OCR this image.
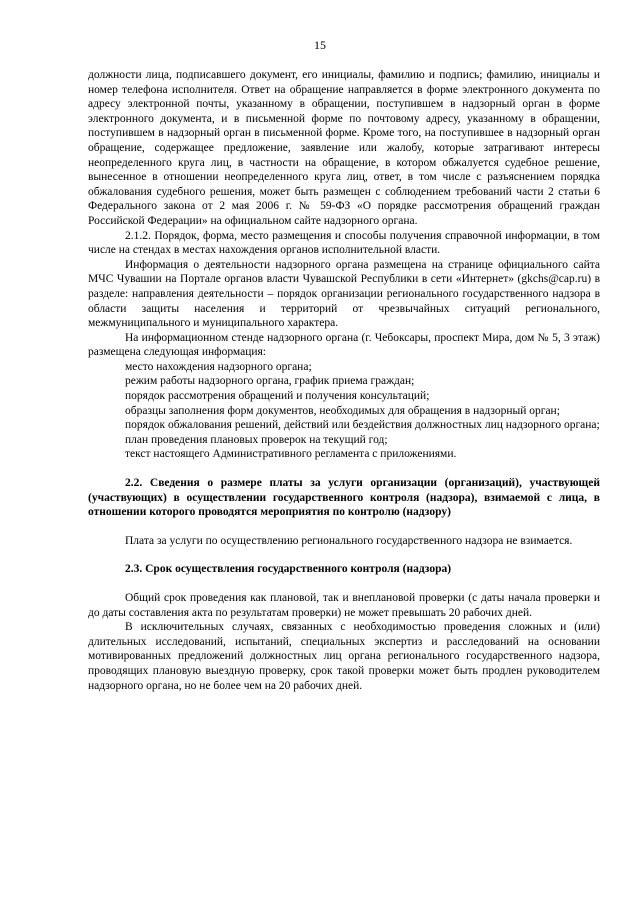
15

должности лица, подписавшего документ, его инициалы, фамилию и подпись; фамилию, инициалы и номер телефона исполнителя. Ответ на обращение направляется в форме электронного документа по адресу электронной почты, указанному в обращении, поступившем в надзорный орган в форме электронного документа, и в письменной форме по почтовому адресу, указанному в обращении, поступившем в надзорный орган в письменной форме. Кроме того, на поступившее в надзорный орган обращение, содержащее предложение, заявление или жалобу, которые затрагивают интересы неопределенного круга лиц, в частности на обращение, в котором обжалуется судебное решение, вынесенное в отношении неопределенного круга лиц, ответ, в том числе с разъяснением порядка обжалования судебного решения, может быть размещен с соблюдением требований части 2 статьи 6 Федерального закона от 2 мая 2006 г. № 59-ФЗ «О порядке рассмотрения обращений граждан Российской Федерации» на официальном сайте надзорного органа.

2.1.2. Порядок, форма, место размещения и способы получения справочной информации, в том числе на стендах в местах нахождения органов исполнительной власти.

Информация о деятельности надзорного органа размещена на странице официального сайта МЧС Чувашии на Портале органов власти Чувашской Республики в сети «Интернет» (gkchs@cap.ru) в разделе: направления деятельности – порядок организации регионального государственного надзора в области защиты населения и территорий от чрезвычайных ситуаций регионального, межмуниципального и муниципального характера.

На информационном стенде надзорного органа (г. Чебоксары, проспект Мира, дом № 5, 3 этаж) размещена следующая информация:

место нахождения надзорного органа;

режим работы надзорного органа, график приема граждан;

порядок рассмотрения обращений и получения консультаций;

образцы заполнения форм документов, необходимых для обращения в надзорный орган;

порядок обжалования решений, действий или бездействия должностных лиц надзорного органа;

план проведения плановых проверок на текущий год;

текст настоящего Административного регламента с приложениями.

2.2. Сведения о размере платы за услуги организации (организаций), участвующей (участвующих) в осуществлении государственного контроля (надзора), взимаемой с лица, в отношении которого проводятся мероприятия по контролю (надзору)

Плата за услуги по осуществлению регионального государственного надзора не взимается.

2.3. Срок осуществления государственного контроля (надзора)

Общий срок проведения как плановой, так и внеплановой проверки (с даты начала проверки и до даты составления акта по результатам проверки) не может превышать 20 рабочих дней.

В исключительных случаях, связанных с необходимостью проведения сложных и (или) длительных исследований, испытаний, специальных экспертиз и расследований на основании мотивированных предложений должностных лиц органа регионального государственного надзора, проводящих плановую выездную проверку, срок такой проверки может быть продлен руководителем надзорного органа, но не более чем на 20 рабочих дней.
